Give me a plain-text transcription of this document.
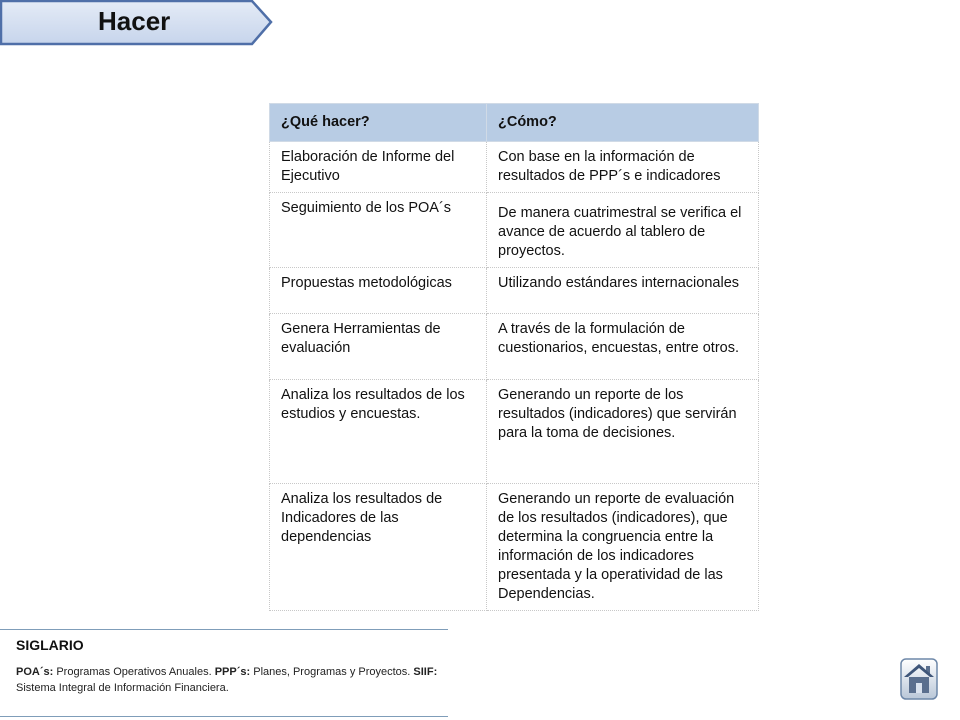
Hacer
¿Qué hacer?	¿Cómo?
Elaboración de Informe del Ejecutivo	Con base en la información de resultados de PPP´s e indicadores
Seguimiento de los POA´s	De manera cuatrimestral se verifica el avance de acuerdo al tablero de proyectos.
Propuestas metodológicas	Utilizando estándares internacionales
Genera Herramientas de evaluación	A través de la formulación de cuestionarios, encuestas, entre otros.
Analiza los resultados de los estudios y encuestas.	Generando un reporte de los resultados (indicadores) que servirán para la toma de decisiones.
Analiza los resultados de Indicadores de las dependencias	Generando un reporte de evaluación de los resultados (indicadores), que determina la congruencia entre la información de los indicadores presentada y la operatividad de las Dependencias.
SIGLARIO
POA´s: Programas Operativos Anuales. PPP´s: Planes, Programas y Proyectos. SIIF: Sistema Integral de Información Financiera.
